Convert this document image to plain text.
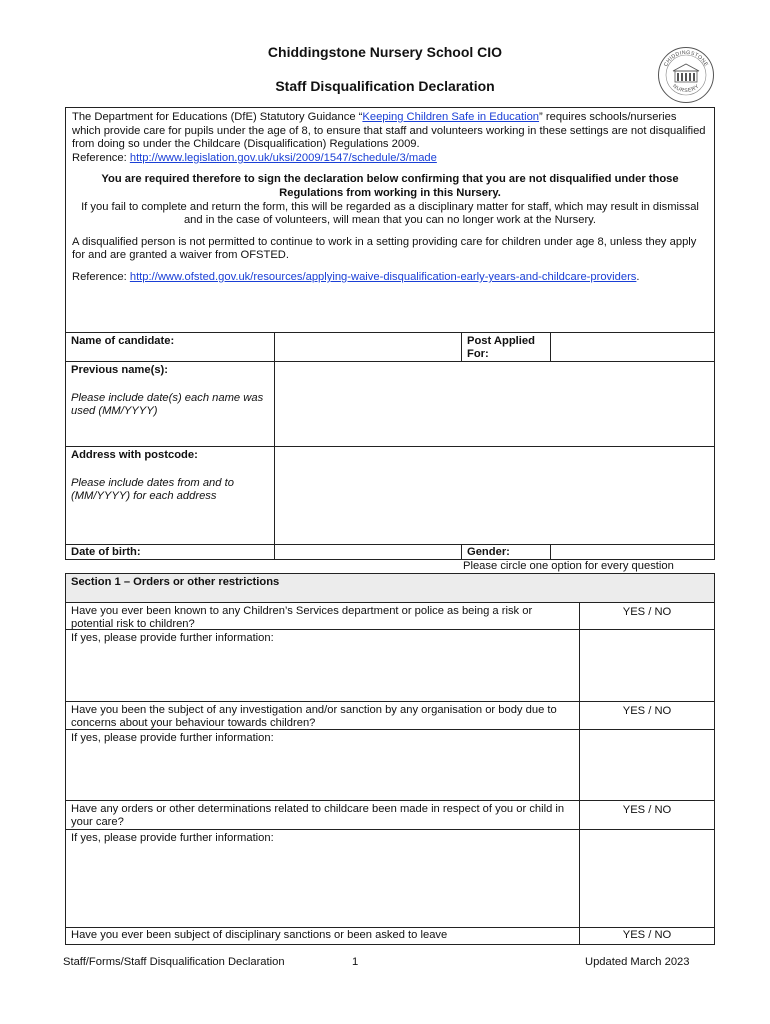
Chiddingstone Nursery School CIO
Staff Disqualification Declaration
CHIDDINGSTONE
NURSERY

The Department for Educations (DfE) Statutory Guidance “Keeping Children Safe in Education” requires schools/nurseries which provide care for pupils under the age of 8, to ensure that staff and volunteers working in these settings are not disqualified from doing so under the Childcare (Disqualification) Regulations 2009.
Reference: http://www.legislation.gov.uk/uksi/2009/1547/schedule/3/made

You are required therefore to sign the declaration below confirming that you are not disqualified under those Regulations from working in this Nursery.

If you fail to complete and return the form, this will be regarded as a disciplinary matter for staff, which may result in dismissal and in the case of volunteers, will mean that you can no longer work at the Nursery.

A disqualified person is not permitted to continue to work in a setting providing care for children under age 8, unless they apply for and are granted a waiver from OFSTED.

Reference: http://www.ofsted.gov.uk/resources/applying-waive-disqualification-early-years-and-childcare-providers.

Name of candidate:	Post Applied For:
Previous name(s):
Please include date(s) each name was used (MM/YYYY)
Address with postcode:
Please include dates from and to (MM/YYYY) for each address
Date of birth:	Gender:
Please circle one option for every question
Section 1 – Orders or other restrictions
Have you ever been known to any Children’s Services department or police as being a risk or potential risk to children?
YES / NO
If yes, please provide further information:
Have you been the subject of any investigation and/or sanction by any organisation or body due to concerns about your behaviour towards children?
YES / NO
If yes, please provide further information:
Have any orders or other determinations related to childcare been made in respect of you or child in your care?
YES / NO
If yes, please provide further information:
Have you ever been subject of disciplinary sanctions or been asked to leave	YES / NO
Staff/Forms/Staff Disqualification Declaration	1	Updated March 2023
